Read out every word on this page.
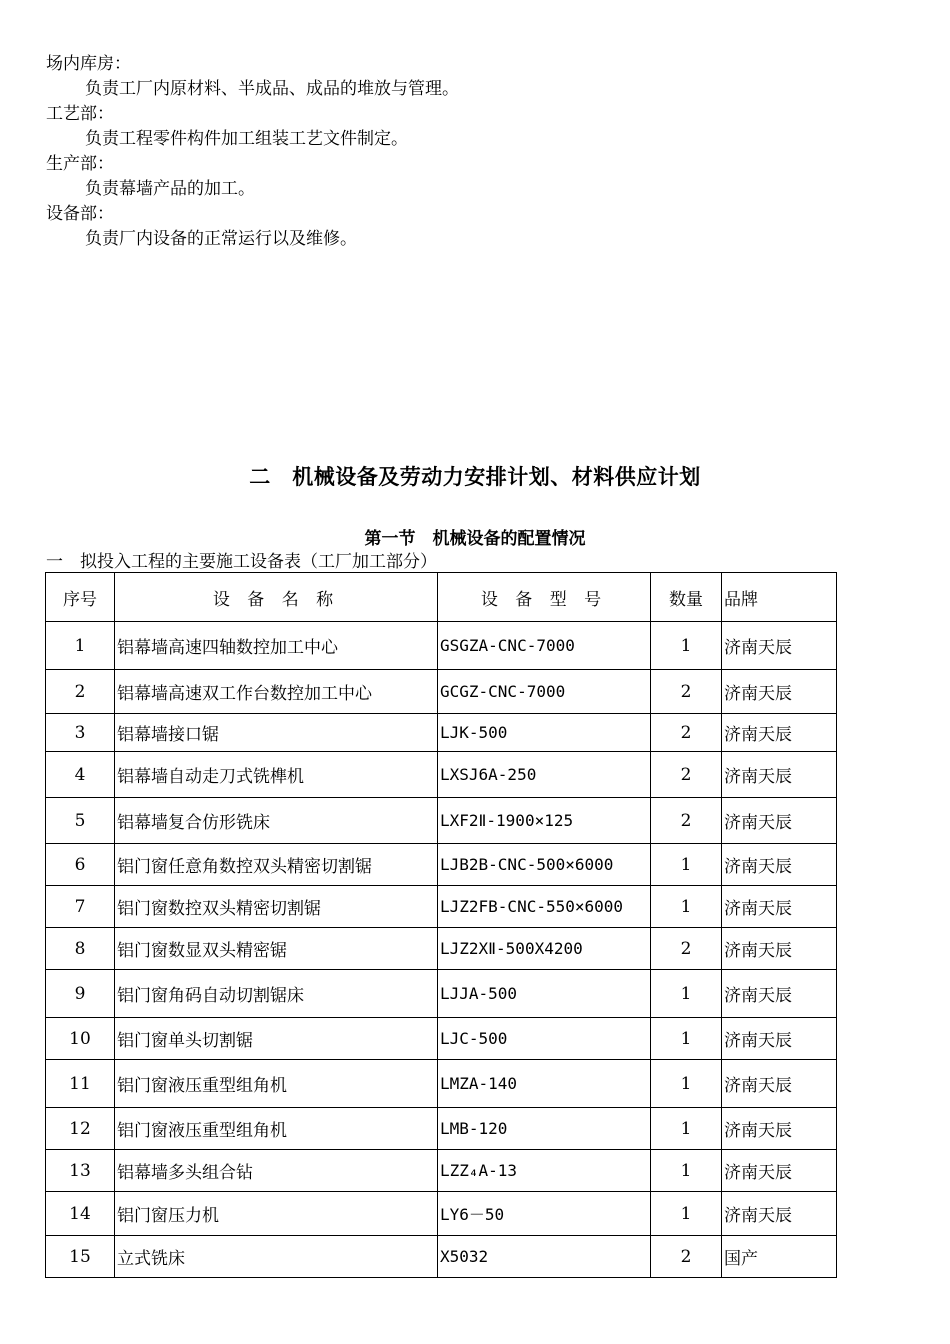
场内库房：
负责工厂内原材料、半成品、成品的堆放与管理。
工艺部：
负责工程零件构件加工组装工艺文件制定。
生产部：
负责幕墙产品的加工。
设备部：
负责厂内设备的正常运行以及维修。
二　机械设备及劳动力安排计划、材料供应计划
第一节　机械设备的配置情况
一　拟投入工程的主要施工设备表（工厂加工部分）
序号	设 备 名 称	设 备 型 号	数量	品牌
1	铝幕墙高速四轴数控加工中心	GSGZA-CNC-7000	1	济南天辰
2	铝幕墙高速双工作台数控加工中心	GCGZ-CNC-7000	2	济南天辰
3	铝幕墙接口锯	LJK-500	2	济南天辰
4	铝幕墙自动走刀式铣榫机	LXSJ6A-250	2	济南天辰
5	铝幕墙复合仿形铣床	LXF2Ⅱ-1900×125	2	济南天辰
6	铝门窗任意角数控双头精密切割锯	LJB2B-CNC-500×6000	1	济南天辰
7	铝门窗数控双头精密切割锯	LJZ2FB-CNC-550×6000	1	济南天辰
8	铝门窗数显双头精密锯	LJZ2XⅡ-500X4200	2	济南天辰
9	铝门窗角码自动切割锯床	LJJA-500	1	济南天辰
10	铝门窗单头切割锯	LJC-500	1	济南天辰
11	铝门窗液压重型组角机	LMZA-140	1	济南天辰
12	铝门窗液压重型组角机	LMB-120	1	济南天辰
13	铝幕墙多头组合钻	LZZ₄A-13	1	济南天辰
14	铝门窗压力机	LY6－50	1	济南天辰
15	立式铣床	X5032	2	国产
